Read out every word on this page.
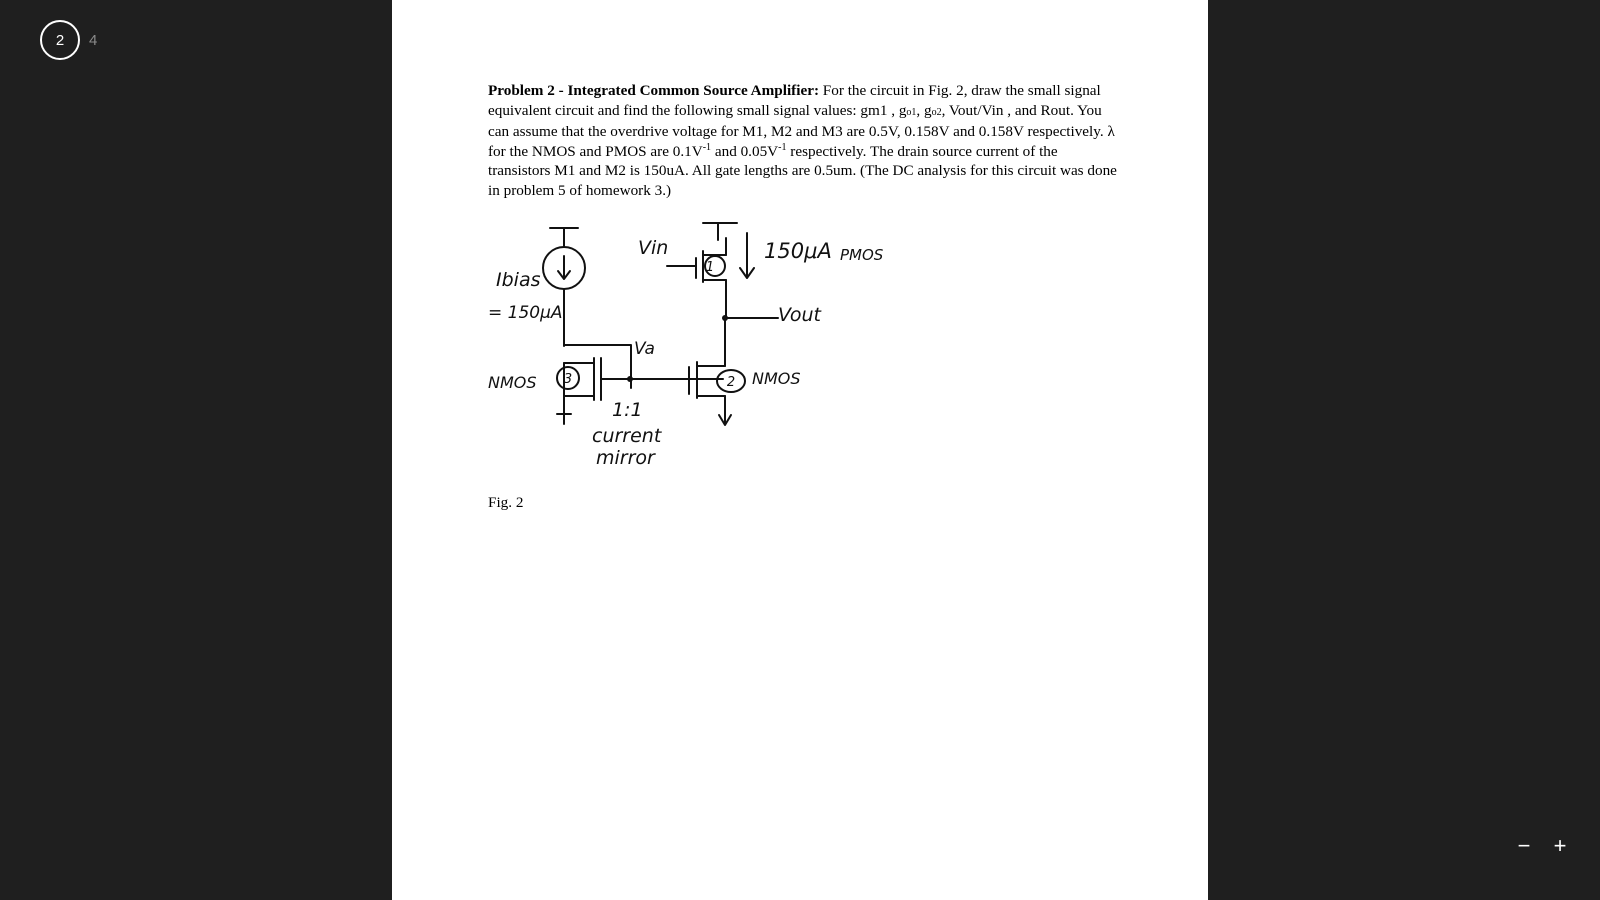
2	4
Problem 2 - Integrated Common Source Amplifier: For the circuit in Fig. 2, draw the small signal equivalent circuit and find the following small signal values: gm1 , go1, go2, Vout/Vin , and Rout. You can assume that the overdrive voltage for M1, M2 and M3 are 0.5V, 0.158V and 0.158V respectively. λ for the NMOS and PMOS are $0.1V^{-1}$ and $0.05V^{-1}$ respectively. The drain source current of the transistors M1 and M2 is 150uA. All gate lengths are 0.5um. (The DC analysis for this circuit was done in problem 5 of homework 3.)
Ibias
= 150μA
Vin	150μA PMOS
Vout
Va
1
2
3
NMOS	NMOS
1:1
current
mirror
Fig. 2
− +
